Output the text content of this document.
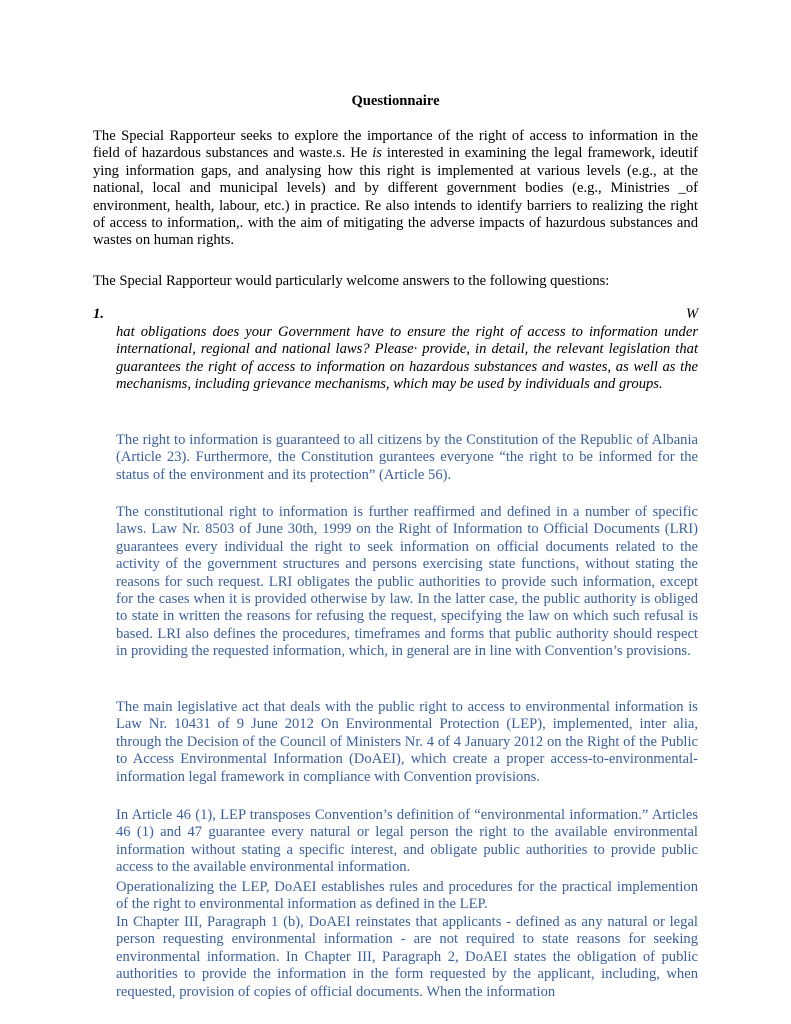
Questionnaire

The Special Rapporteur seeks to explore the importance of the right of access to information in the field of hazardous substances and waste.s. He is interested in examining the legal framework, ideutif ying information gaps, and analysing how this right is implemented at various levels (e.g., at the national, local and municipal levels) and by different government bodies (e.g., Ministries _of environment, health, labour, etc.) in practice. Re also intends to identify barriers to realizing the right of access to information,. with the aim of mitigating the adverse impacts of hazurdous substances and wastes on human rights.

The Special Rapporteur would particularly welcome answers to the following questions:

1.	W

hat obligations does your Government have to ensure the right of access to information under international, regional and national laws? Please· provide, in detail, the relevant legislation that guarantees the right of access to information on hazardous substances and wastes, as well as the mechanisms, including grievance mechanisms, which may be used by individuals and groups.

The right to information is guaranteed to all citizens by the Constitution of the Republic of Albania (Article 23). Furthermore, the Constitution gurantees everyone “the right to be informed for the status of the environment and its protection” (Article 56).

The constitutional right to information is further reaffirmed and defined in a number of specific laws. Law Nr. 8503 of June 30th, 1999 on the Right of Information to Official Documents (LRI) guarantees every individual the right to seek information on official documents related to the activity of the government structures and persons exercising state functions, without stating the reasons for such request. LRI obligates the public authorities to provide such information, except for the cases when it is provided otherwise by law. In the latter case, the public authority is obliged to state in written the reasons for refusing the request, specifying the law on which such refusal is based. LRI also defines the procedures, timeframes and forms that public authority should respect in providing the requested information, which, in general are in line with Convention’s provisions.

The main legislative act that deals with the public right to access to environmental information is Law Nr. 10431 of 9 June 2012 On Environmental Protection (LEP), implemented, inter alia, through the Decision of the Council of Ministers Nr. 4 of 4 January 2012 on the Right of the Public to Access Environmental Information (DoAEI), which create a proper access-to-environmental-information legal framework in compliance with Convention provisions.

In Article 46 (1), LEP transposes Convention’s definition of “environmental information.” Articles 46 (1) and 47 guarantee every natural or legal person the right to the available environmental information without stating a specific interest, and obligate public authorities to provide public access to the available environmental information.

Operationalizing the LEP, DoAEI establishes rules and procedures for the practical implemention of the right to environmental information as defined in the LEP.

In Chapter III, Paragraph 1 (b), DoAEI reinstates that applicants - defined as any natural or legal person requesting environmental information - are not required to state reasons for seeking environmental information. In Chapter III, Paragraph 2, DoAEI states the obligation of public authorities to provide the information in the form requested by the applicant, including, when requested, provision of copies of official documents. When the information
